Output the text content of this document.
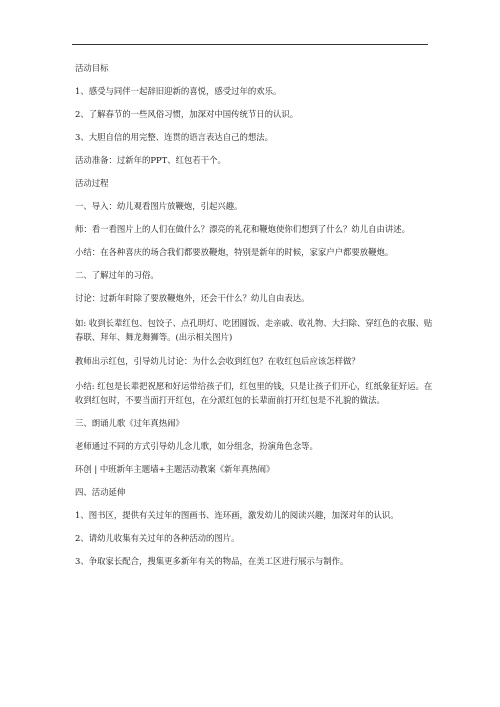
活动目标

1、感受与同伴一起辞旧迎新的喜悦，感受过年的欢乐。

2、了解春节的一些风俗习惯，加深对中国传统节日的认识。

3、大胆自信的用完整、连贯的语言表达自己的想法。

活动准备：过新年的PPT、红包若干个。

活动过程

一、导入：幼儿观看图片放鞭炮，引起兴趣。

师：看一看图片上的人们在做什么？漂亮的礼花和鞭炮使你们想到了什么？幼儿自由讲述。

小结：在各种喜庆的场合我们都要放鞭炮，特别是新年的时候，家家户户都要放鞭炮。

二、了解过年的习俗。

讨论：过新年时除了要放鞭炮外，还会干什么？幼儿自由表达。

如: 收到长辈红包、包饺子、点孔明灯、吃团圆饭、走亲戚、收礼物、大扫除、穿红色的衣服、贴春联、拜年、舞龙舞狮等。(出示相关图片)

教师出示红包，引导幼儿讨论：为什么会收到红包？在收红包后应该怎样做？

小结: 红包是长辈把祝愿和好运带给孩子们，红包里的钱，只是让孩子们开心，红纸象征好运。在收到红包时，不要当面打开红包，在分派红包的长辈面前打开红包是不礼貌的做法。

三、朗诵儿歌《过年真热闹》

老师通过不同的方式引导幼儿念儿歌，如分组念，扮演角色念等。

环创 | 中班新年主题墙+主题活动教案《新年真热闹》

四、活动延伸

1、图书区，提供有关过年的图画书、连环画，激发幼儿的阅读兴趣，加深对年的认识。

2、请幼儿收集有关过年的各种活动的图片。

3、争取家长配合，搜集更多新年有关的物品，在美工区进行展示与制作。
